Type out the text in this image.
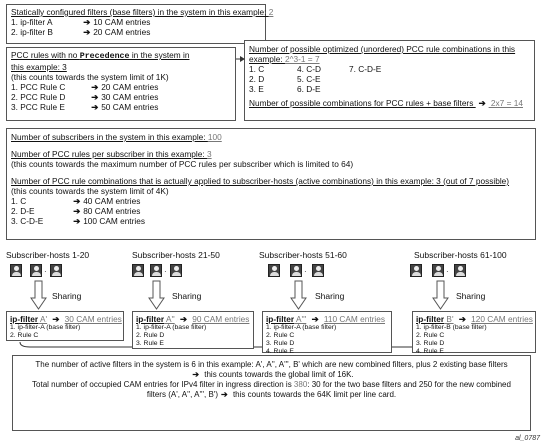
Statically configured filters (base filters) in the system in this example: 2
1.
ip-filter A	➔ 10 CAM entries
2.
ip-filter B	➔ 20 CAM entries
PCC rules with no Precedence in the system in
this example: 3
(this counts towards the system limit of 1K)
1.
PCC Rule C	➔ 20 CAM entries
2.
PCC Rule D	➔ 30 CAM entries
3.
PCC Rule E	➔ 50 CAM entries
Number of possible optimized (unordered) PCC rule combinations in this
example: 2^3-1 = 7
1. C
2. D
3. E
4. C-D
5. C-E
6. D-E
7. C-D-E
Number of possible combinations for PCC rules + base filters ➔ 2x7 = 14
Number of subscribers in the system in this example: 100
Number of PCC rules per subscriber in this example: 3
(this counts towards the maximum number of PCC rules per subscriber which is limited to 64)
Number of PCC rule combinations that is actually applied to subscriber-hosts (active combinations) in this example: 3 (out of 7 possible)
(this counts towards the system limit of 4K)
1.
C	➔ 40 CAM entries
2.
D-E	➔ 80 CAM entries
3.
C-D-E	➔ 100 CAM entries
Subscriber-hosts 1-20
·
Sharing
ip-filter A' ➔ 30 CAM entries
1. ip-filter-A (base filter)
2. Rule C
Subscriber-hosts 21-50
·
Sharing
ip-filter A'' ➔ 90 CAM entries
1. ip-filter-A (base filter)
2. Rule D
3. Rule E
Subscriber-hosts 51-60
·
Sharing
ip-filter A''' ➔ 110 CAM entries
1. ip-filter-A (base filter)
2. Rule C
3. Rule D
4. Rule E
Subscriber-hosts 61-100
·
Sharing
ip-filter B' ➔ 120 CAM entries
1. ip-filter-B (base filter)
2. Rule C
3. Rule D
4. Rule E
The number of active filters in the system is 6 in this example: A', A'', A''', B' which are new combined filters, plus 2 existing base filters
➔ this counts towards the global limit of 16K.
Total number of occupied CAM entries for IPv4 filter in ingress direction is 380: 30 for the two base filters and 250 for the new combined
filters (A', A'', A''', B') ➔ this counts towards the 64K limit per line card.
al_0787
